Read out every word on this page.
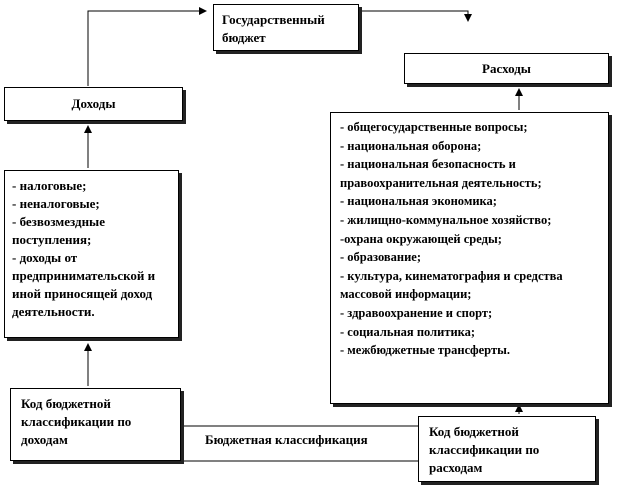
Государственный бюджет
Доходы
Расходы
- налоговые;
- неналоговые;
- безвозмездные поступления;
- доходы от предпринимательской и иной приносящей доход деятельности.
- общегосударственные вопросы;
- национальная оборона;
- национальная безопасность и правоохранительная деятельность;
- национальная экономика;
- жилищно-коммунальное хозяйство;
-охрана окружающей среды;
- образование;
- культура, кинематография и средства массовой информации;
- здравоохранение и спорт;
- социальная политика;
- межбюджетные трансферты.
Код бюджетной классификации по доходам
Код бюджетной классификации по расходам
Бюджетная классификация
